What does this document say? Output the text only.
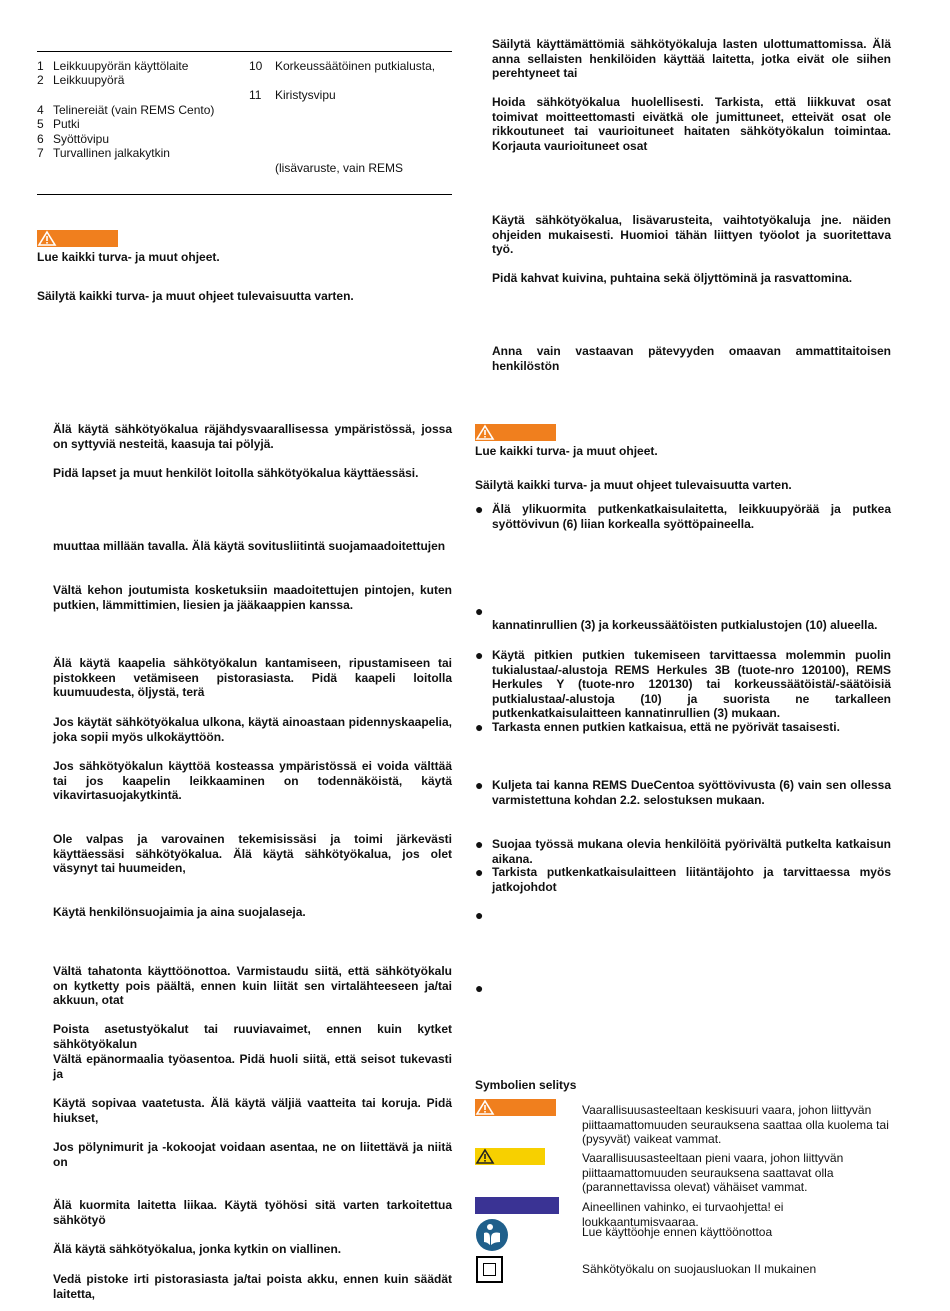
1 Leikkuupyörän käyttölaite
2 Leikkuupyörä
4 Telinereiät (vain REMS Cento)
5 Putki
6 Syöttövipu
7 Turvallinen jalkakytkin
10 Korkeussäätöinen putkialusta,
11 Kiristysvipu
(lisävaruste, vain REMS
Lue kaikki turva- ja muut ohjeet.
Säilytä kaikki turva- ja muut ohjeet tulevaisuutta varten.
Älä käytä sähkötyökalua räjähdysvaarallisessa ympäristössä, jossa on syttyviä nesteitä, kaasuja tai pölyjä.
Pidä lapset ja muut henkilöt loitolla sähkötyökalua käyttäessäsi.
muuttaa millään tavalla. Älä käytä sovitusliitintä suojamaadoitettujen
Vältä kehon joutumista kosketuksiin maadoitettujen pintojen, kuten putkien, lämmittimien, liesien ja jääkaappien kanssa.
Älä käytä kaapelia sähkötyökalun kantamiseen, ripustamiseen tai pistokkeen vetämiseen pistorasiasta. Pidä kaapeli loitolla kuumuudesta, öljystä, terä
Jos käytät sähkötyökalua ulkona, käytä ainoastaan pidennyskaapelia, joka sopii myös ulkokäyttöön.
Jos sähkötyökalun käyttöä kosteassa ympäristössä ei voida välttää tai jos kaapelin leikkaaminen on todennäköistä, käytä vikavirtasuojakytkintä.
Ole valpas ja varovainen tekemisissäsi ja toimi järkevästi käyttäessäsi sähkötyökalua. Älä käytä sähkötyökalua, jos olet väsynyt tai huumeiden,
Käytä henkilönsuojaimia ja aina suojalaseja.
Vältä tahatonta käyttöönottoa. Varmistaudu siitä, että sähkötyökalu on kytketty pois päältä, ennen kuin liität sen virtalähteeseen ja/tai akkuun, otat
Poista asetustyökalut tai ruuviavaimet, ennen kuin kytket sähkötyökalun
Vältä epänormaalia työasentoa. Pidä huoli siitä, että seisot tukevasti ja
Käytä sopivaa vaatetusta. Älä käytä väljiä vaatteita tai koruja. Pidä hiukset,
Jos pölynimurit ja -kokoojat voidaan asentaa, ne on liitettävä ja niitä on
Älä kuormita laitetta liikaa. Käytä työhösi sitä varten tarkoitettua sähkötyö
Älä käytä sähkötyökalua, jonka kytkin on viallinen.
Vedä pistoke irti pistorasiasta ja/tai poista akku, ennen kuin säädät laitetta,
Säilytä käyttämättömiä sähkötyökaluja lasten ulottumattomissa. Älä anna sellaisten henkilöiden käyttää laitetta, jotka eivät ole siihen perehtyneet tai
Hoida sähkötyökalua huolellisesti. Tarkista, että liikkuvat osat toimivat moitteettomasti eivätkä ole jumittuneet, etteivät osat ole rikkoutuneet tai vaurioituneet haitaten sähkötyökalun toimintaa. Korjauta vaurioituneet osat
Käytä sähkötyökalua, lisävarusteita, vaihtotyökaluja jne. näiden ohjeiden mukaisesti. Huomioi tähän liittyen työolot ja suoritettava työ.
Pidä kahvat kuivina, puhtaina sekä öljyttöminä ja rasvattomina.
Anna vain vastaavan pätevyyden omaavan ammattitaitoisen henkilöstön
Lue kaikki turva- ja muut ohjeet.
Säilytä kaikki turva- ja muut ohjeet tulevaisuutta varten.
● Älä ylikuormita putkenkatkaisulaitetta, leikkuupyörää ja putkea syöttövivun (6) liian korkealla syöttöpaineella.
●
kannatinrullien (3) ja korkeussäätöisten putkialustojen (10) alueella.
● Käytä pitkien putkien tukemiseen tarvittaessa molemmin puolin tukialustaa/-alustoja REMS Herkules 3B (tuote-nro 120100), REMS Herkules Y (tuote-nro 120130) tai korkeussäätöistä/-säätöisiä putkialustaa/-alustoja (10) ja suorista ne tarkalleen putkenkatkaisulaitteen kannatinrullien (3) mukaan.
● Tarkasta ennen putkien katkaisua, että ne pyörivät tasaisesti.
● Kuljeta tai kanna REMS DueCentoa syöttövivusta (6) vain sen ollessa varmistettuna kohdan 2.2. selostuksen mukaan.
● Suojaa työssä mukana olevia henkilöitä pyörivältä putkelta katkaisun aikana.
● Tarkista putkenkatkaisulaitteen liitäntäjohto ja tarvittaessa myös jatkojohdot
●
●
Symbolien selitys
Vaarallisuusasteeltaan keskisuuri vaara, johon liittyvän piittaamattomuuden seurauksena saattaa olla kuolema tai (pysyvät) vaikeat vammat.
Vaarallisuusasteeltaan pieni vaara, johon liittyvän piittaamattomuuden seurauksena saattavat olla (parannettavissa olevat) vähäiset vammat.
Aineellinen vahinko, ei turvaohjetta! ei loukkaantumisvaaraa.
Lue käyttöohje ennen käyttöönottoa
Sähkötyökalu on suojausluokan II mukainen
